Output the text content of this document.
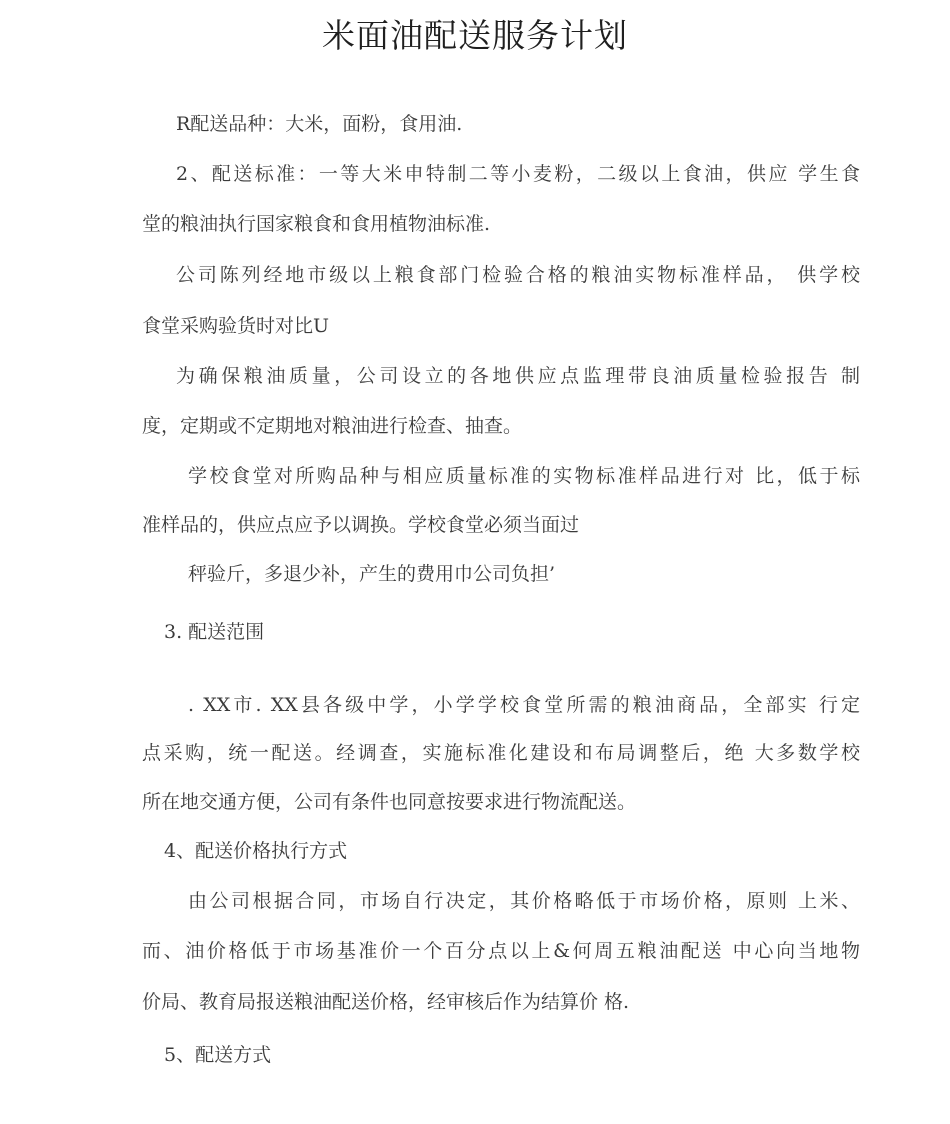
米面油配送服务计划
R配送品种：大米，面粉，食用油.
2、配送标准：一等大米申特制二等小麦粉，二级以上食油，供应 学生食
堂的粮油执行国家粮食和食用植物油标准.
公司陈列经地市级以上粮食部门检验合格的粮油实物标准样品， 供学校
食堂采购验货时对比U
为确保粮油质量，公司设立的各地供应点监理带良油质量检验报告 制
度，定期或不定期地对粮油进行检查、抽查。
学校食堂对所购品种与相应质量标准的实物标准样品进行对 比，低于标
准样品的，供应点应予以调换。学校食堂必须当面过
秤验斤，多退少补，产生的费用巾公司负担’
3. 配送范围
. XX市. XX县各级中学，小学学校食堂所需的粮油商品，全部实 行定
点采购，统一配送。经调查，实施标准化建设和布局调整后，绝 大多数学校
所在地交通方便，公司有条件也同意按要求进行物流配送。
4、配送价格执行方式
由公司根据合同，市场自行决定，其价格略低于市场价格，原则 上米、
而、油价格低于市场基准价一个百分点以上&何周五粮油配送 中心向当地物
价局、教育局报送粮油配送价格，经审核后作为结算价 格.
5、配送方式
